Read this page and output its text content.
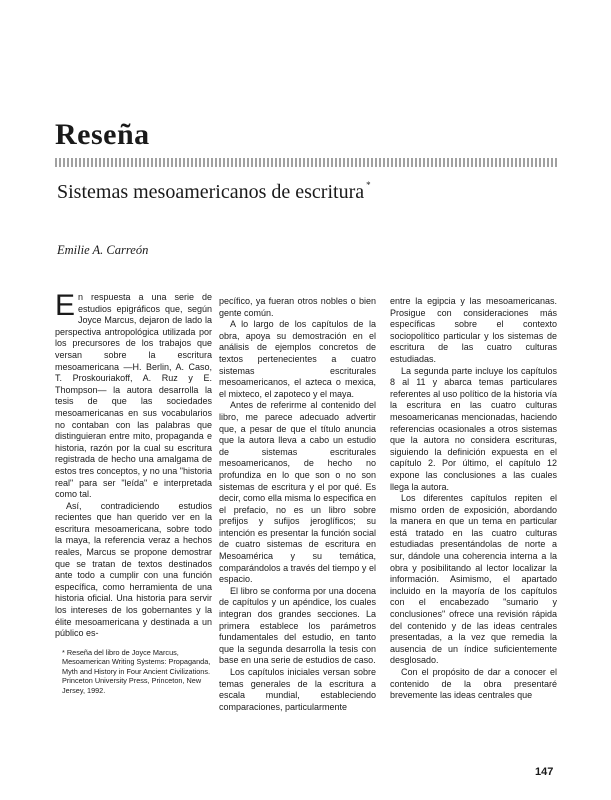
Reseña
Sistemas mesoamericanos de escritura *
Emilie A. Carreón

En respuesta a una serie de estudios epigráficos que, según Joyce Marcus, dejaron de lado la perspectiva antropológica utilizada por los precursores de los trabajos que versan sobre la escritura mesoamericana —H. Berlin, A. Caso, T. Proskouriakoff, A. Ruz y E. Thompson— la autora desarrolla la tesis de que las sociedades mesoamericanas en sus vocabularios no contaban con las palabras que distinguieran entre mito, propaganda e historia, razón por la cual su escritura registrada de hecho una amalgama de estos tres conceptos, y no una "historia real" para ser "leída" e interpretada como tal.

Así, contradiciendo estudios recientes que han querido ver en la escritura mesoamericana, sobre todo la maya, la referencia veraz a hechos reales, Marcus se propone demostrar que se tratan de textos destinados ante todo a cumplir con una función específica, como herramienta de una historia oficial. Una historia para servir los intereses de los gobernantes y la élite mesoamericana y destinada a un público es-

pecífico, ya fueran otros nobles o bien gente común.

A lo largo de los capítulos de la obra, apoya su demostración en el análisis de ejemplos concretos de textos pertenecientes a cuatro sistemas escriturales mesoamericanos, el azteca o mexica, el mixteco, el zapoteco y el maya.

Antes de referirme al contenido del libro, me parece adecuado advertir que, a pesar de que el título anuncia que la autora lleva a cabo un estudio de sistemas escriturales mesoamericanos, de hecho no profundiza en lo que son o no son sistemas de escritura y el por qué. Es decir, como ella misma lo especifica en el prefacio, no es un libro sobre prefijos y sufijos jeroglíficos; su intención es presentar la función social de cuatro sistemas de escritura en Mesoamérica y su temática, comparándolos a través del tiempo y el espacio.

El libro se conforma por una docena de capítulos y un apéndice, los cuales integran dos grandes secciones. La primera establece los parámetros fundamentales del estudio, en tanto que la segunda desarrolla la tesis con base en una serie de estudios de caso.

Los capítulos iniciales versan sobre temas generales de la escritura a escala mundial, estableciendo comparaciones, particularmente

entre la egipcia y las mesoamericanas. Prosigue con consideraciones más específicas sobre el contexto sociopolítico particular y los sistemas de escritura de las cuatro culturas estudiadas.

La segunda parte incluye los capítulos 8 al 11 y abarca temas particulares referentes al uso político de la historia vía la escritura en las cuatro culturas mesoamericanas mencionadas, haciendo referencias ocasionales a otros sistemas que la autora no considera escrituras, siguiendo la definición expuesta en el capítulo 2. Por último, el capítulo 12 expone las conclusiones a las cuales llega la autora.

Los diferentes capítulos repiten el mismo orden de exposición, abordando la manera en que un tema en particular está tratado en las cuatro culturas estudiadas presentándolas de norte a sur, dándole una coherencia interna a la obra y posibilitando al lector localizar la información. Asimismo, el apartado incluido en la mayoría de los capítulos con el encabezado "sumario y conclusiones" ofrece una revisión rápida del contenido y de las ideas centrales presentadas, a la vez que remedia la ausencia de un índice suficientemente desglosado.

Con el propósito de dar a conocer el contenido de la obra presentaré brevemente las ideas centrales que

* Reseña del libro de Joyce Marcus, Mesoamerican Writing Systems: Propaganda, Myth and History in Four Ancient Civilizations. Princeton University Press, Princeton, New Jersey, 1992.
147
